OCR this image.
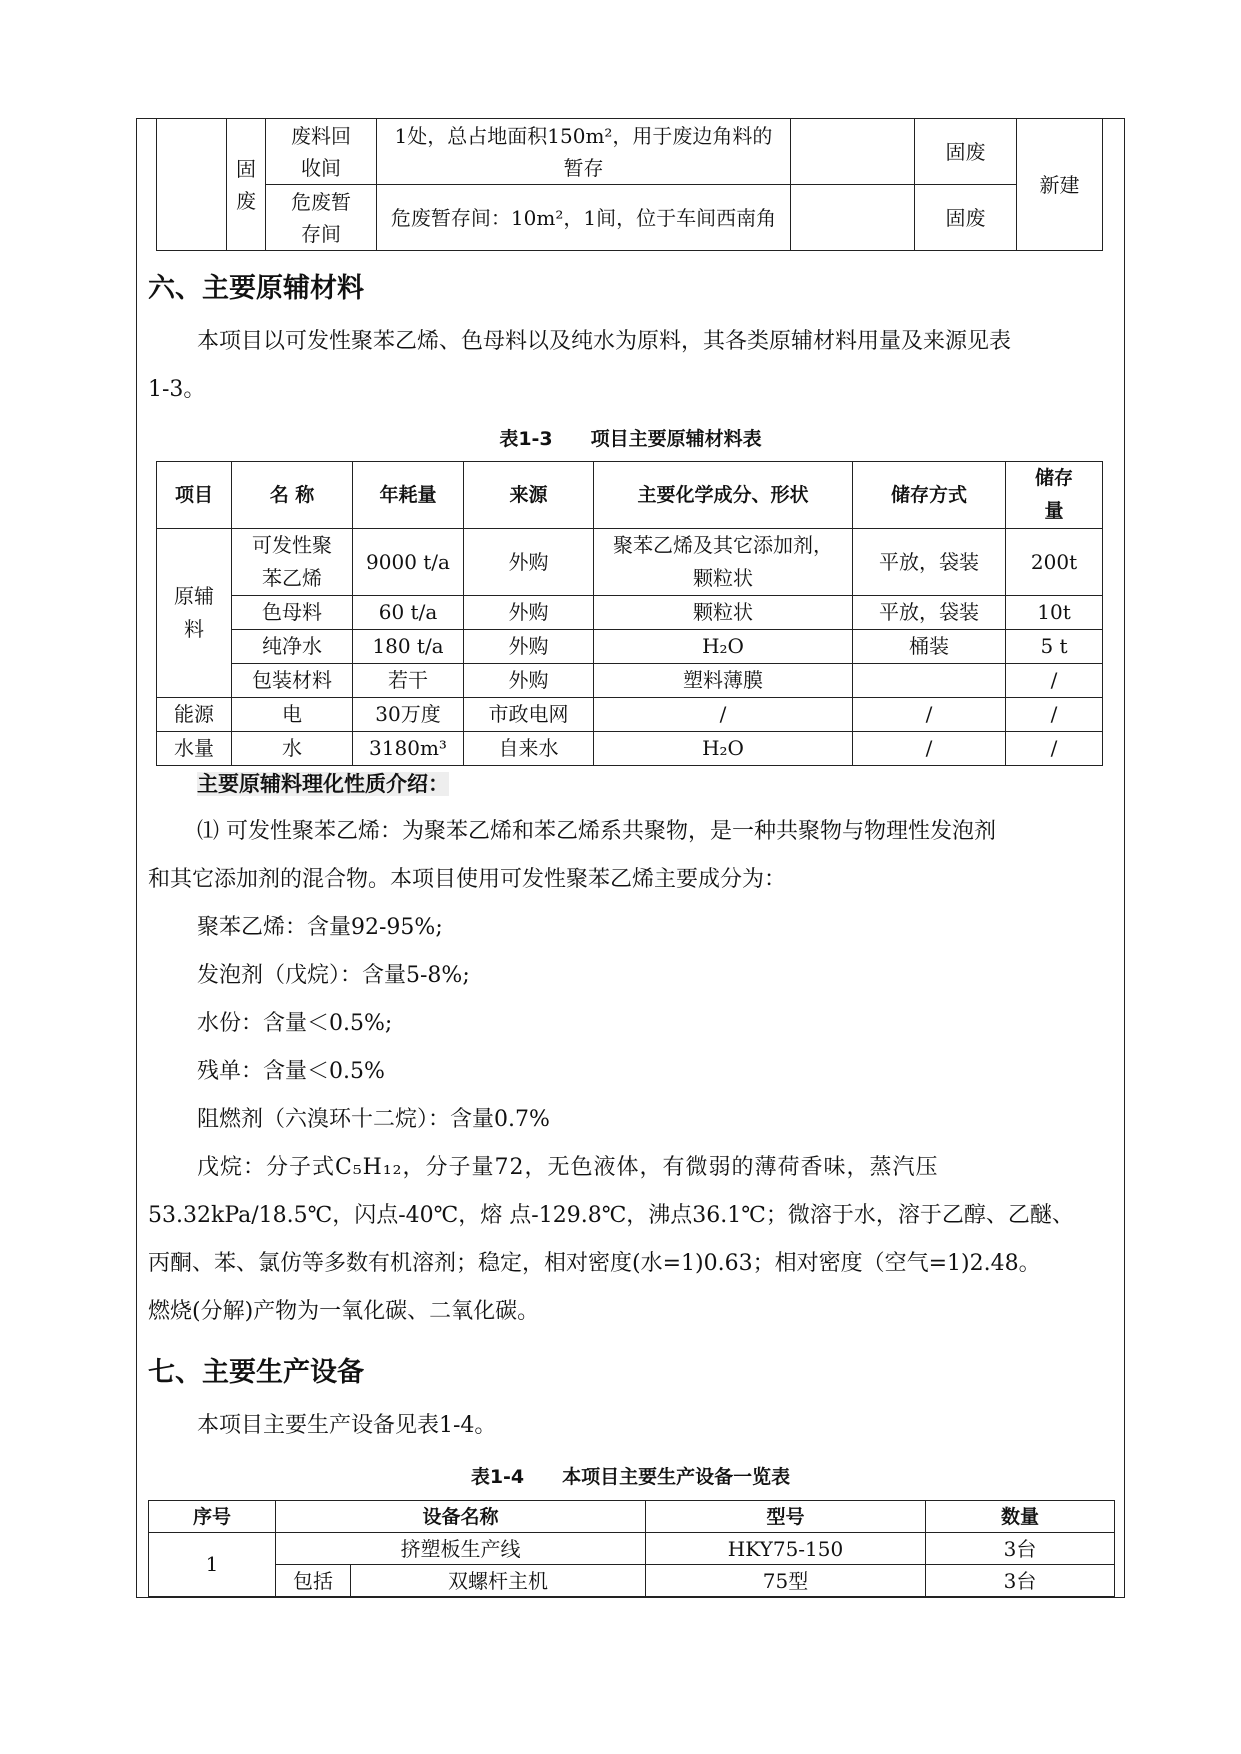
	固废	废料回收间	1处，总占地面积150m²，用于废边角料的暂存		固废	新建
		危废暂存间	危废暂存间：10m²，1间，位于车间西南角		固废	
六、主要原辅材料
本项目以可发性聚苯乙烯、色母料以及纯水为原料，其各类原辅材料用量及来源见表
1-3。
表1-3　　项目主要原辅材料表
项目	名 称	年耗量	来源	主要化学成分、形状	储存方式	储存量
原辅料	可发性聚苯乙烯	9000 t/a	外购	聚苯乙烯及其它添加剂，颗粒状	平放，袋装	200t
	色母料	60 t/a	外购	颗粒状	平放，袋装	10t
	纯净水	180 t/a	外购	H₂O	桶装	5 t
	包装材料	若干	外购	塑料薄膜		/
能源	电	30万度	市政电网	/	/	/
水量	水	3180m³	自来水	H₂O	/	/
主要原辅料理化性质介绍：
⑴ 可发性聚苯乙烯：为聚苯乙烯和苯乙烯系共聚物，是一种共聚物与物理性发泡剂
和其它添加剂的混合物。本项目使用可发性聚苯乙烯主要成分为：
聚苯乙烯：含量92-95%;
发泡剂（戊烷）：含量5-8%;
水份：含量＜0.5%;
残单：含量＜0.5%
阻燃剂（六溴环十二烷）：含量0.7%
戊烷：分子式C₅H₁₂，分子量72，无色液体，有微弱的薄荷香味，蒸汽压
53.32kPa/18.5℃，闪点-40℃，熔 点-129.8℃，沸点36.1℃；微溶于水，溶于乙醇、乙醚、
丙酮、苯、氯仿等多数有机溶剂；稳定，相对密度(水=1)0.63；相对密度（空气=1)2.48。
燃烧(分解)产物为一氧化碳、二氧化碳。
七、主要生产设备
本项目主要生产设备见表1-4。
表1-4　　本项目主要生产设备一览表
序号	设备名称		型号	数量
1	挤塑板生产线		HKY75-150	3台
	包括	双螺杆主机	75型	3台
